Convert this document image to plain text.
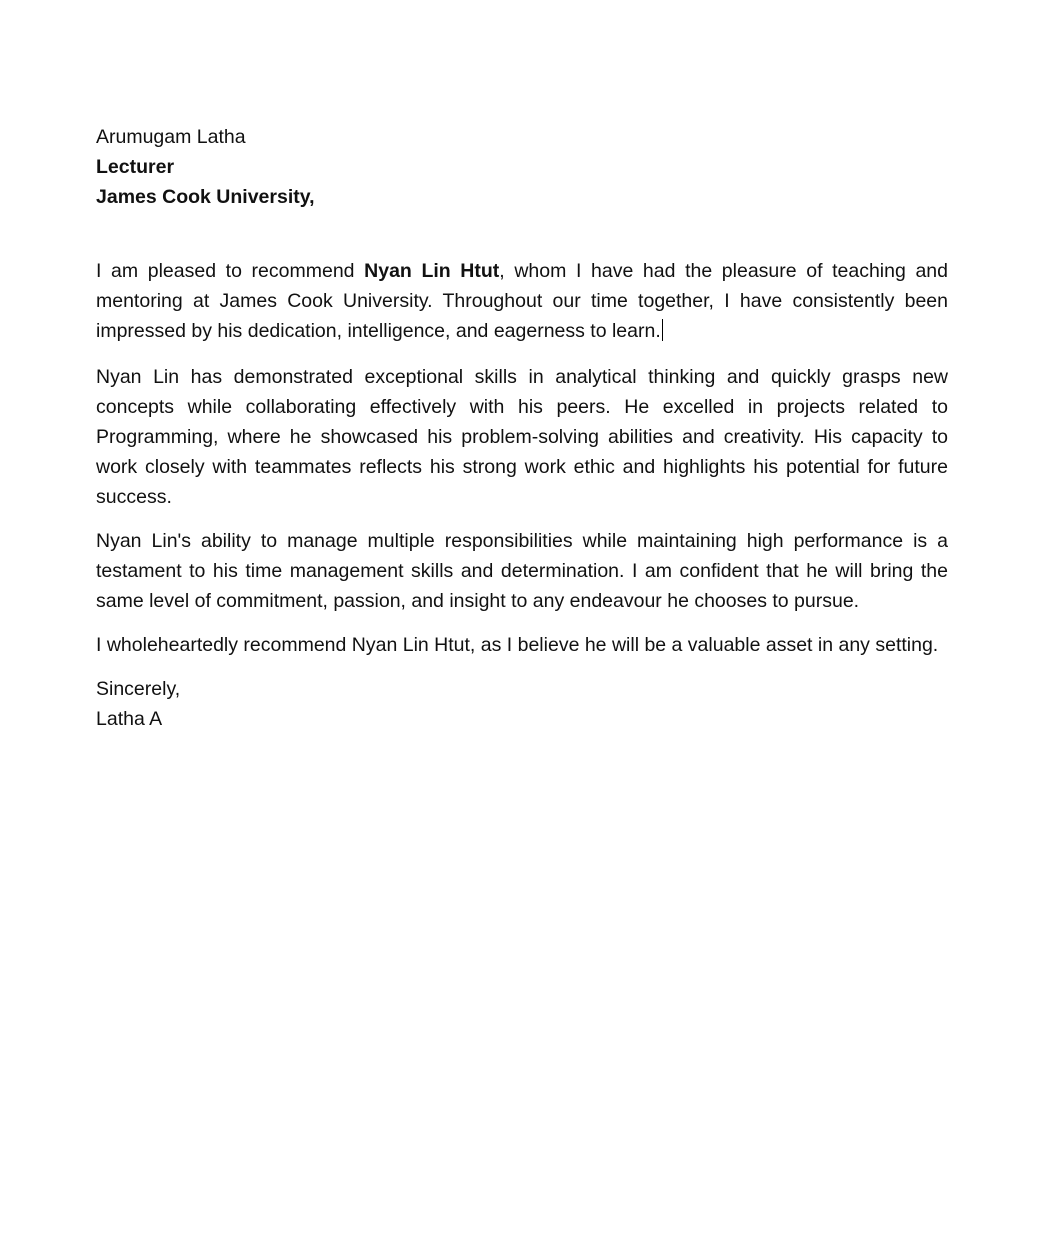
Arumugam Latha
Lecturer
James Cook University,

I am pleased to recommend Nyan Lin Htut, whom I have had the pleasure of teaching and mentoring at James Cook University. Throughout our time together, I have consistently been impressed by his dedication, intelligence, and eagerness to learn.

Nyan Lin has demonstrated exceptional skills in analytical thinking and quickly grasps new concepts while collaborating effectively with his peers. He excelled in projects related to Programming, where he showcased his problem-solving abilities and creativity. His capacity to work closely with teammates reflects his strong work ethic and highlights his potential for future success.

Nyan Lin's ability to manage multiple responsibilities while maintaining high performance is a testament to his time management skills and determination. I am confident that he will bring the same level of commitment, passion, and insight to any endeavour he chooses to pursue.

I wholeheartedly recommend Nyan Lin Htut, as I believe he will be a valuable asset in any setting.

Sincerely,
Latha A
